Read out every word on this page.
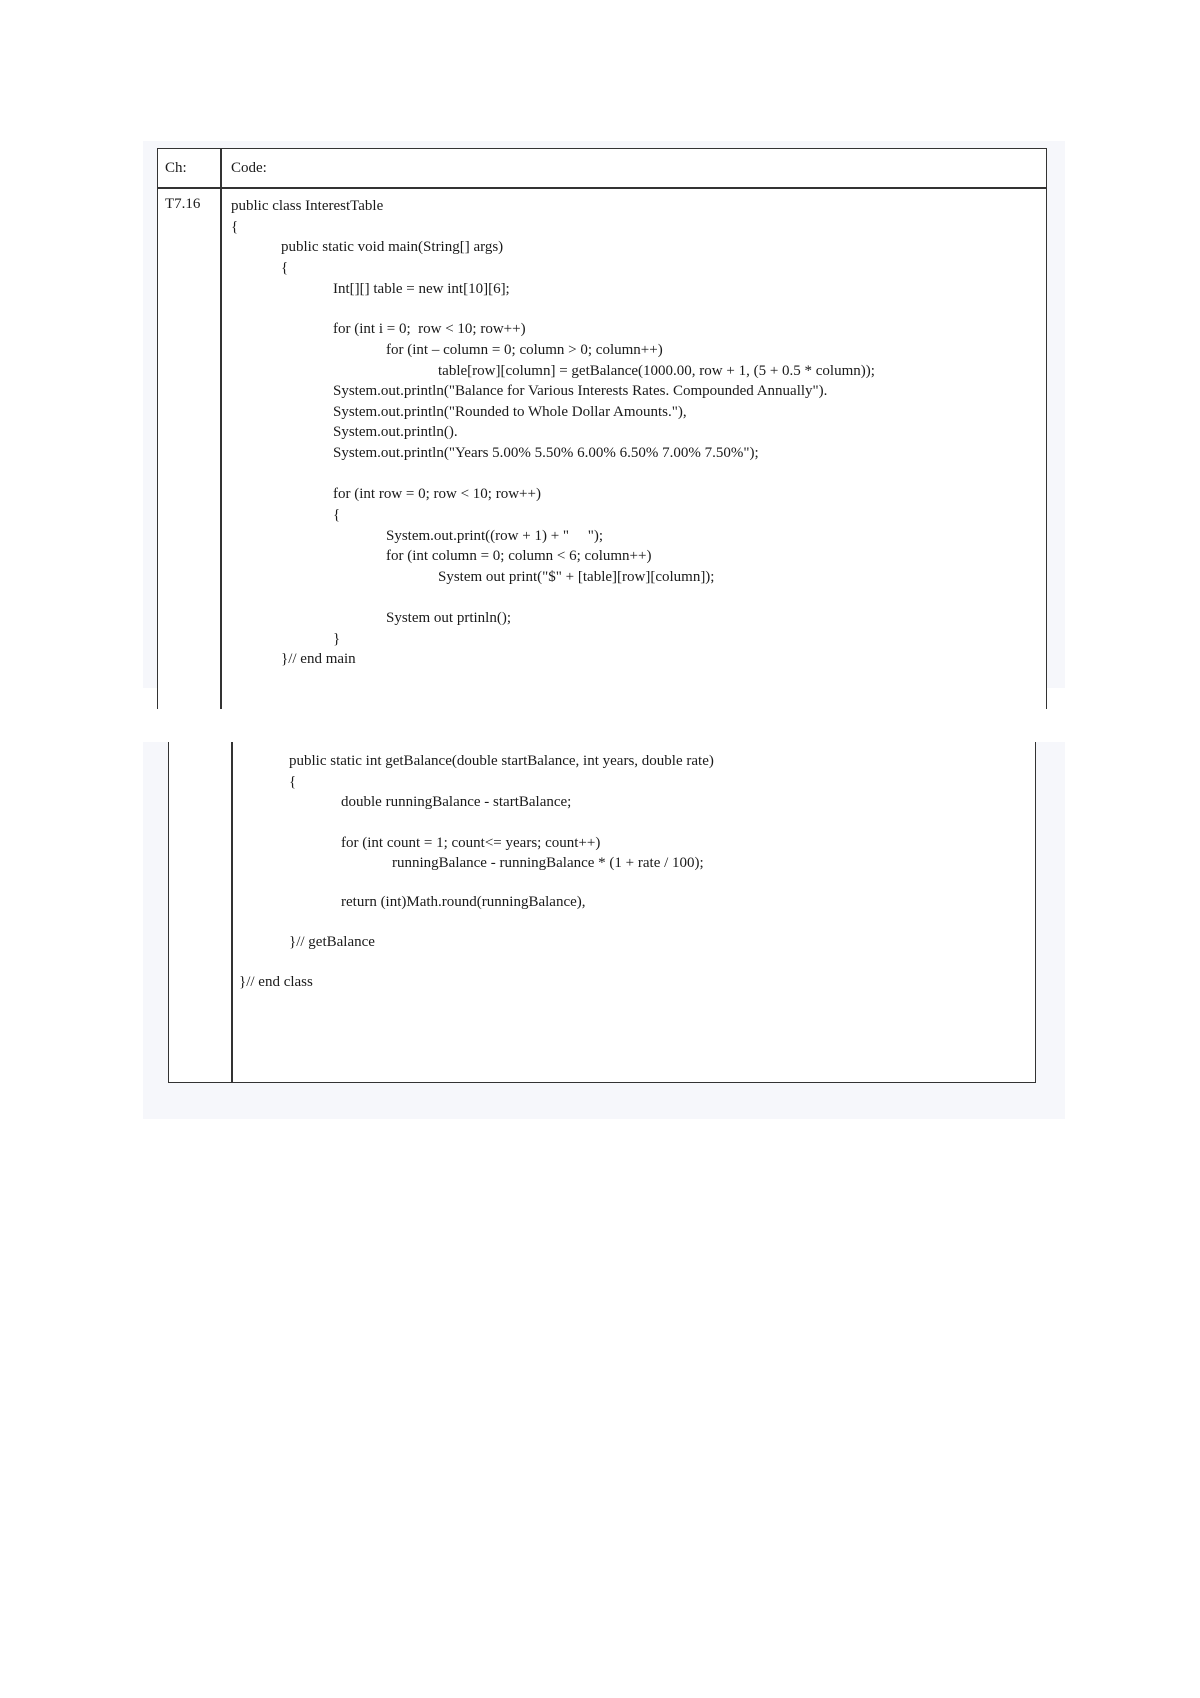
Ch:	Code:
T7.16 public class InterestTable
{
public static void main(String[] args)
{
Int[][] table = new int[10][6];
for (int i = 0;  row < 10; row++)
for (int – column = 0; column > 0; column++)
table[row][column] = getBalance(1000.00, row + 1, (5 + 0.5 * column));
System.out.println("Balance for Various Interests Rates. Compounded Annually").
System.out.println("Rounded to Whole Dollar Amounts."),
System.out.println().
System.out.println("Years 5.00% 5.50% 6.00% 6.50% 7.00% 7.50%");
for (int row = 0; row < 10; row++)
{
System.out.print((row + 1) + "     ");
for (int column = 0; column < 6; column++)
System out print("$" + [table][row][column]);
System out prtinln();
}
}// end main
public static int getBalance(double startBalance, int years, double rate)
{
double runningBalance - startBalance;
for (int count = 1; count<= years; count++)
runningBalance - runningBalance * (1 + rate / 100);
return (int)Math.round(runningBalance),
}// getBalance
}// end class
